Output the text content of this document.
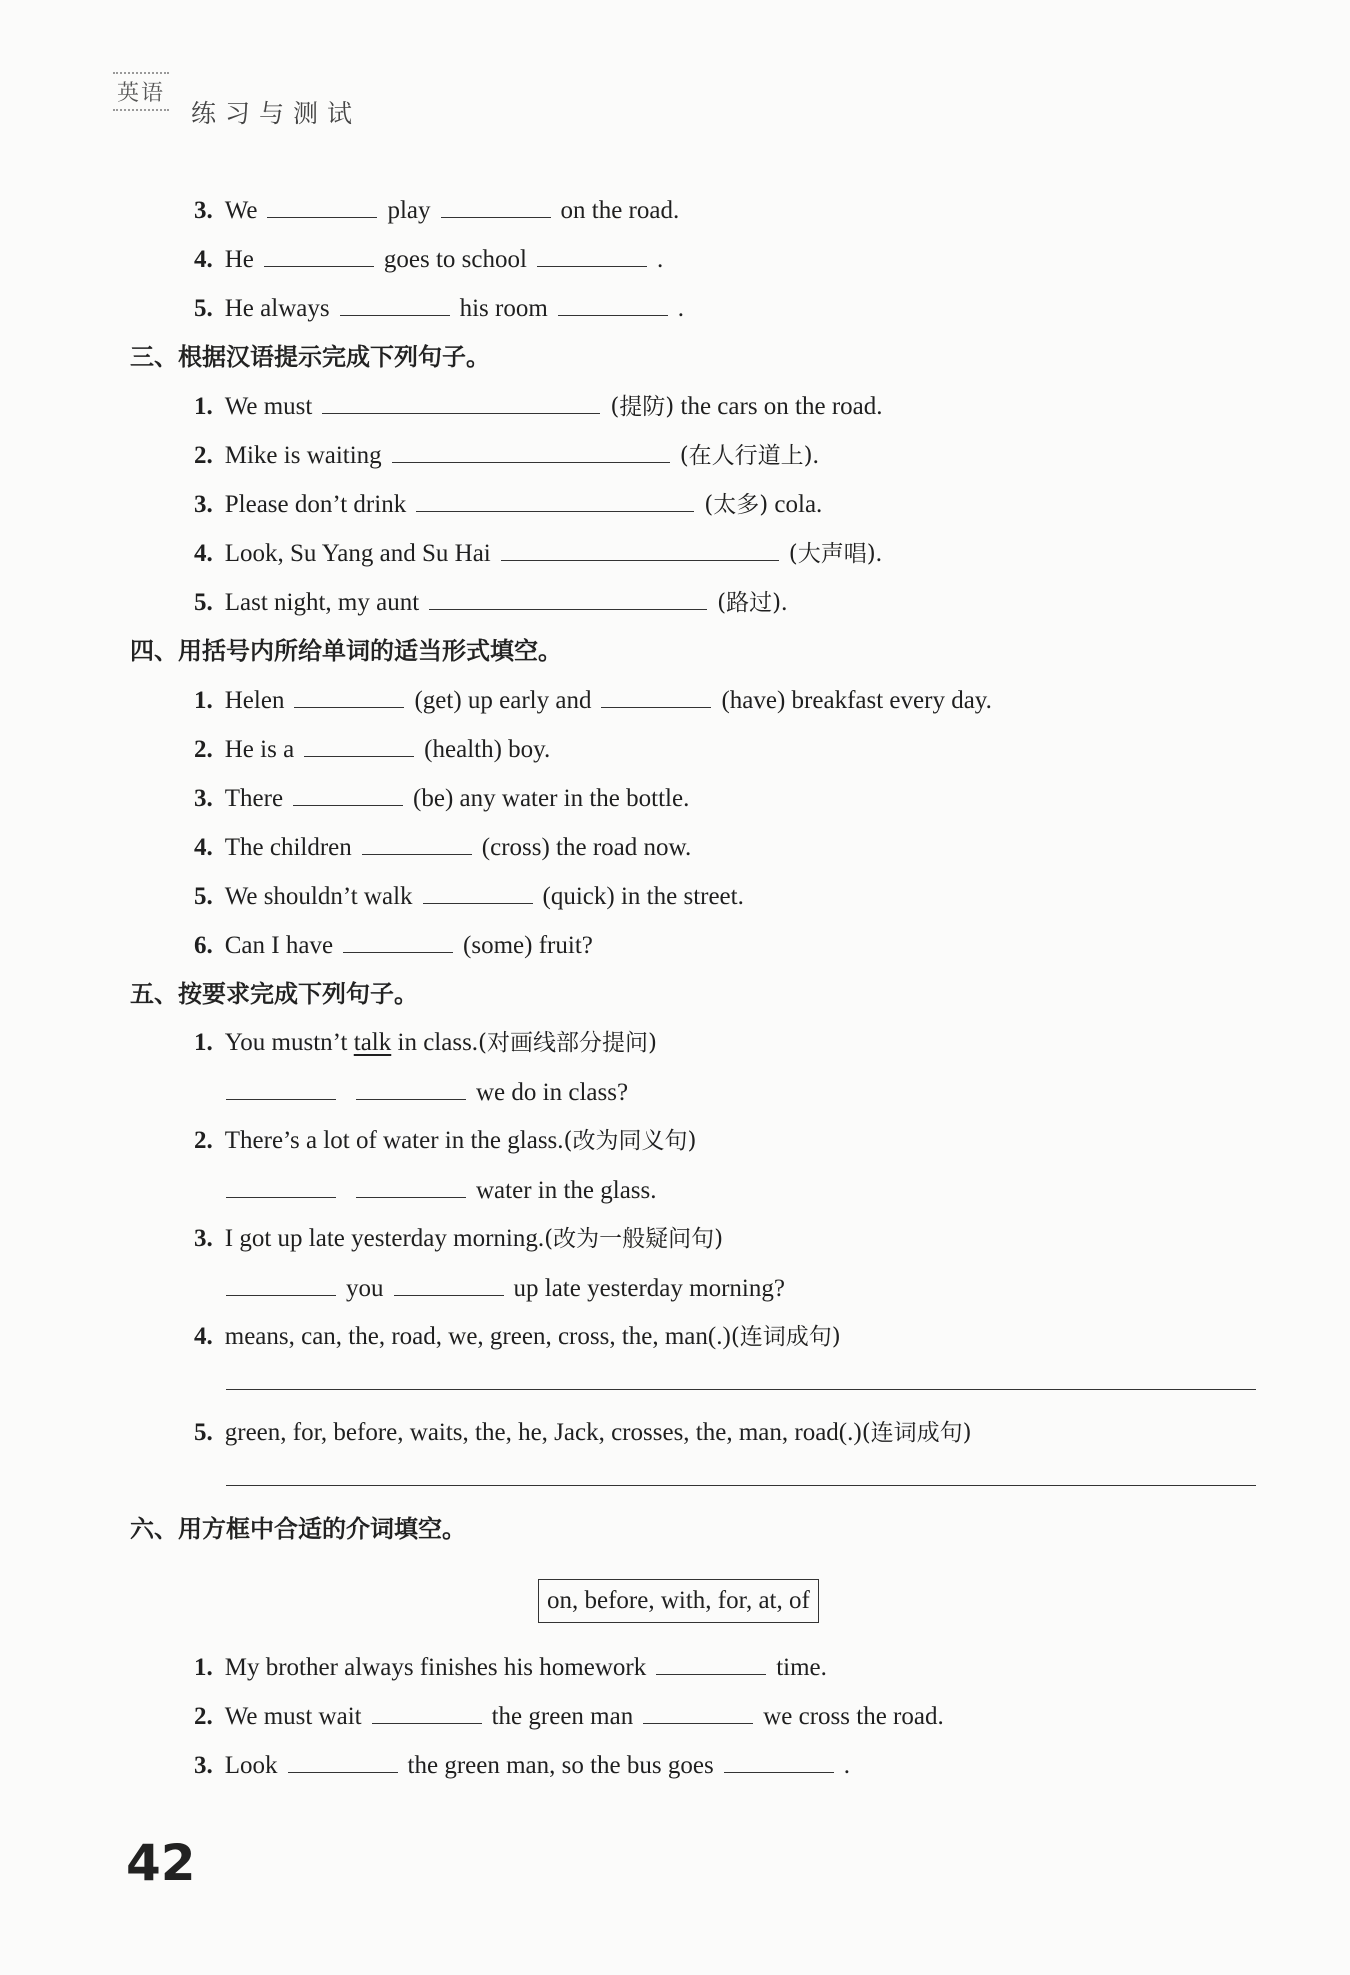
英语
练习与测试
3. We	play	on the road.
4. He	goes to school	.
5. He always	his room	.
三、根据汉语提示完成下列句子。
1. We must	(提防) the cars on the road.
2. Mike is waiting	(在人行道上).
3. Please don’t drink	(太多) cola.
4. Look, Su Yang and Su Hai	(大声唱).
5. Last night, my aunt	(路过).
四、用括号内所给单词的适当形式填空。
1. Helen	(get) up early and	(have) breakfast every day.
2. He is a	(health) boy.
3. There	(be) any water in the bottle.
4. The children	(cross) the road now.
5. We shouldn’t walk	(quick) in the street.
6. Can I have	(some) fruit?
五、按要求完成下列句子。
1. You mustn’t talk in class.(对画线部分提问)
we do in class?
2. There’s a lot of water in the glass.(改为同义句)
water in the glass.
3. I got up late yesterday morning.(改为一般疑问句)
you	up late yesterday morning?
4. means, can, the, road, we, green, cross, the, man(.)(连词成句)
5. green, for, before, waits, the, he, Jack, crosses, the, man, road(.)(连词成句)
六、用方框中合适的介词填空。
on, before, with, for, at, of
1. My brother always finishes his homework	time.
2. We must wait	the green man	we cross the road.
3. Look	the green man, so the bus goes	.
42
